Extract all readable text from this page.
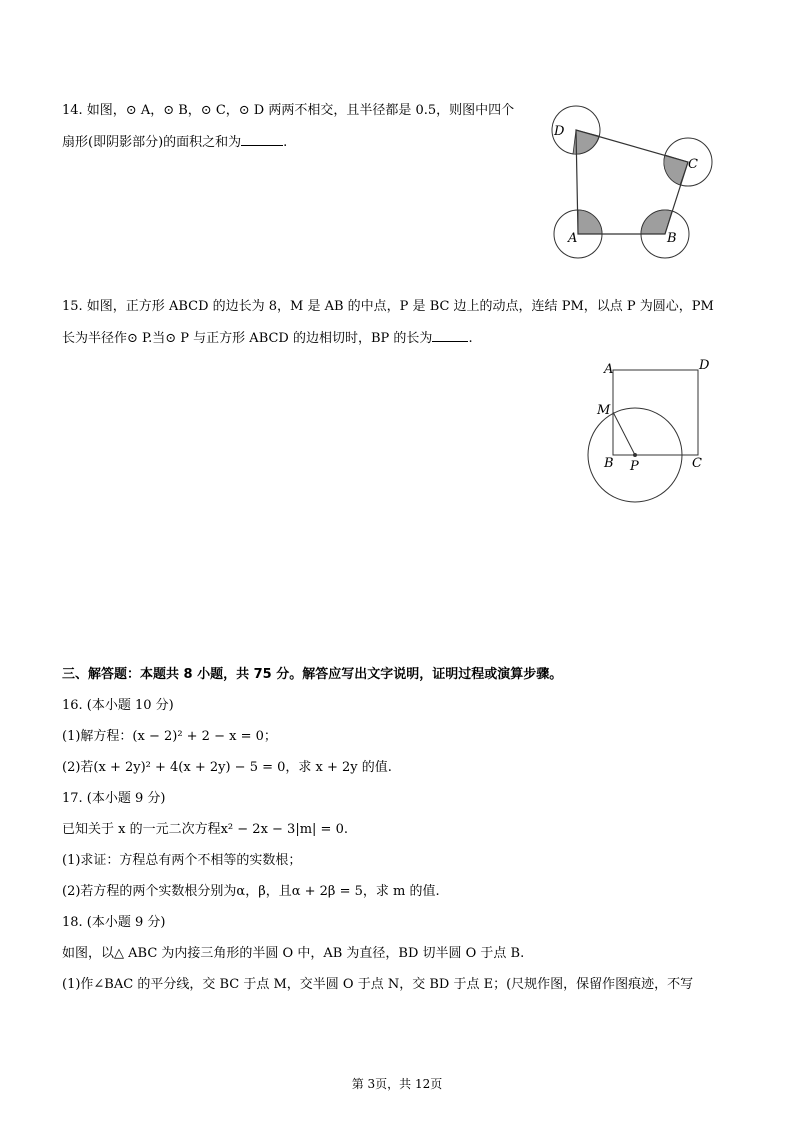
14. 如图，⊙ A，⊙ B，⊙ C，⊙ D 两两不相交，且半径都是 0.5，则图中四个
扇形(即阴影部分)的面积之和为	.
D
C
A	B
15. 如图，正方形 ABCD 的边长为 8，M 是 AB 的中点，P 是 BC 边上的动点，连结 PM，以点 P 为圆心，PM
长为半径作⊙ P.当⊙ P 与正方形 ABCD 的边相切时，BP 的长为	.
A	D
M
B P	C
三、解答题：本题共 8 小题，共 75 分。解答应写出文字说明，证明过程或演算步骤。
16. (本小题 10 分)
(1)解方程：(x − 2)² + 2 − x = 0；
(2)若(x + 2y)² + 4(x + 2y) − 5 = 0，求 x + 2y 的值.
17. (本小题 9 分)
已知关于 x 的一元二次方程x² − 2x − 3|m| = 0.
(1)求证：方程总有两个不相等的实数根；
(2)若方程的两个实数根分别为α，β，且α + 2β = 5，求 m 的值.
18. (本小题 9 分)
如图，以△ ABC 为内接三角形的半圆 O 中，AB 为直径，BD 切半圆 O 于点 B.
(1)作∠BAC 的平分线，交 BC 于点 M，交半圆 O 于点 N，交 BD 于点 E；(尺规作图，保留作图痕迹，不写
第 3页，共 12页
